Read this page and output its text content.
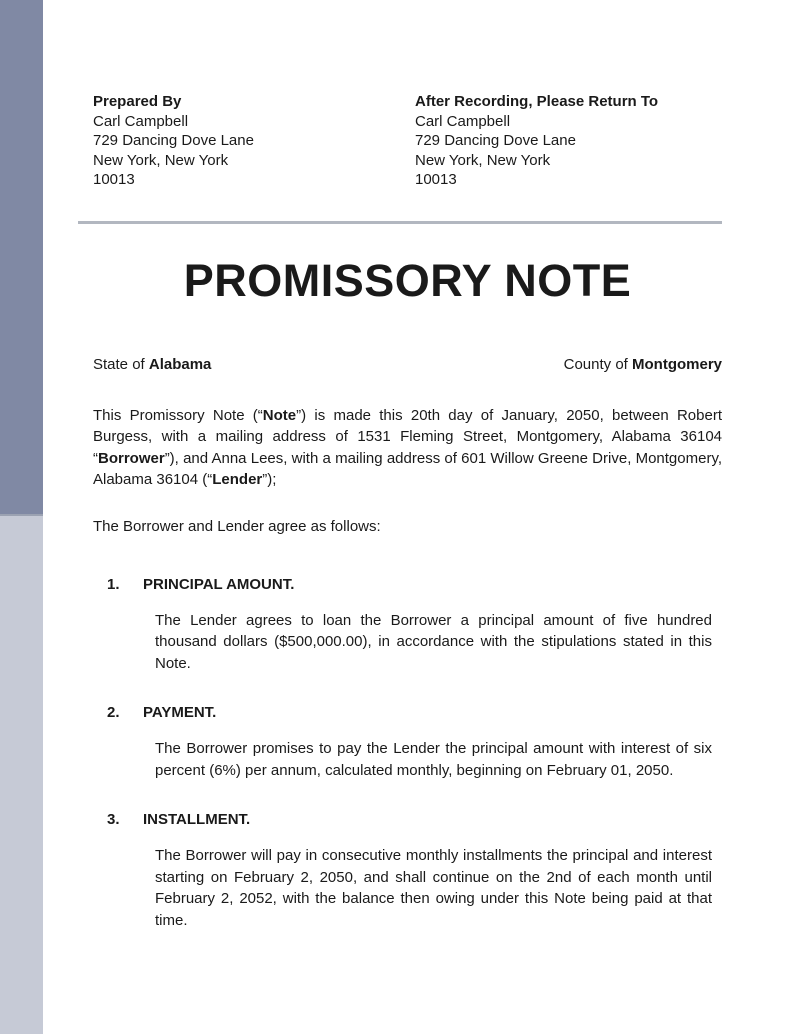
Prepared By
Carl Campbell
729 Dancing Dove Lane
New York, New York
10013
After Recording, Please Return To
Carl Campbell
729 Dancing Dove Lane
New York, New York
10013
PROMISSORY NOTE
State of Alabama	County of Montgomery

This Promissory Note (“Note”) is made this 20th day of January, 2050, between Robert Burgess, with a mailing address of 1531 Fleming Street, Montgomery, Alabama 36104 “Borrower”), and Anna Lees, with a mailing address of 601 Willow Greene Drive, Montgomery, Alabama 36104 (“Lender”);

The Borrower and Lender agree as follows:

1.	PRINCIPAL AMOUNT.

The Lender agrees to loan the Borrower a principal amount of five hundred thousand dollars ($500,000.00), in accordance with the stipulations stated in this Note.

2.	PAYMENT.

The Borrower promises to pay the Lender the principal amount with interest of six percent (6%) per annum, calculated monthly, beginning on February 01, 2050.

3.	INSTALLMENT.

The Borrower will pay in consecutive monthly installments the principal and interest starting on February 2, 2050, and shall continue on the 2nd of each month until February 2, 2052, with the balance then owing under this Note being paid at that time.
